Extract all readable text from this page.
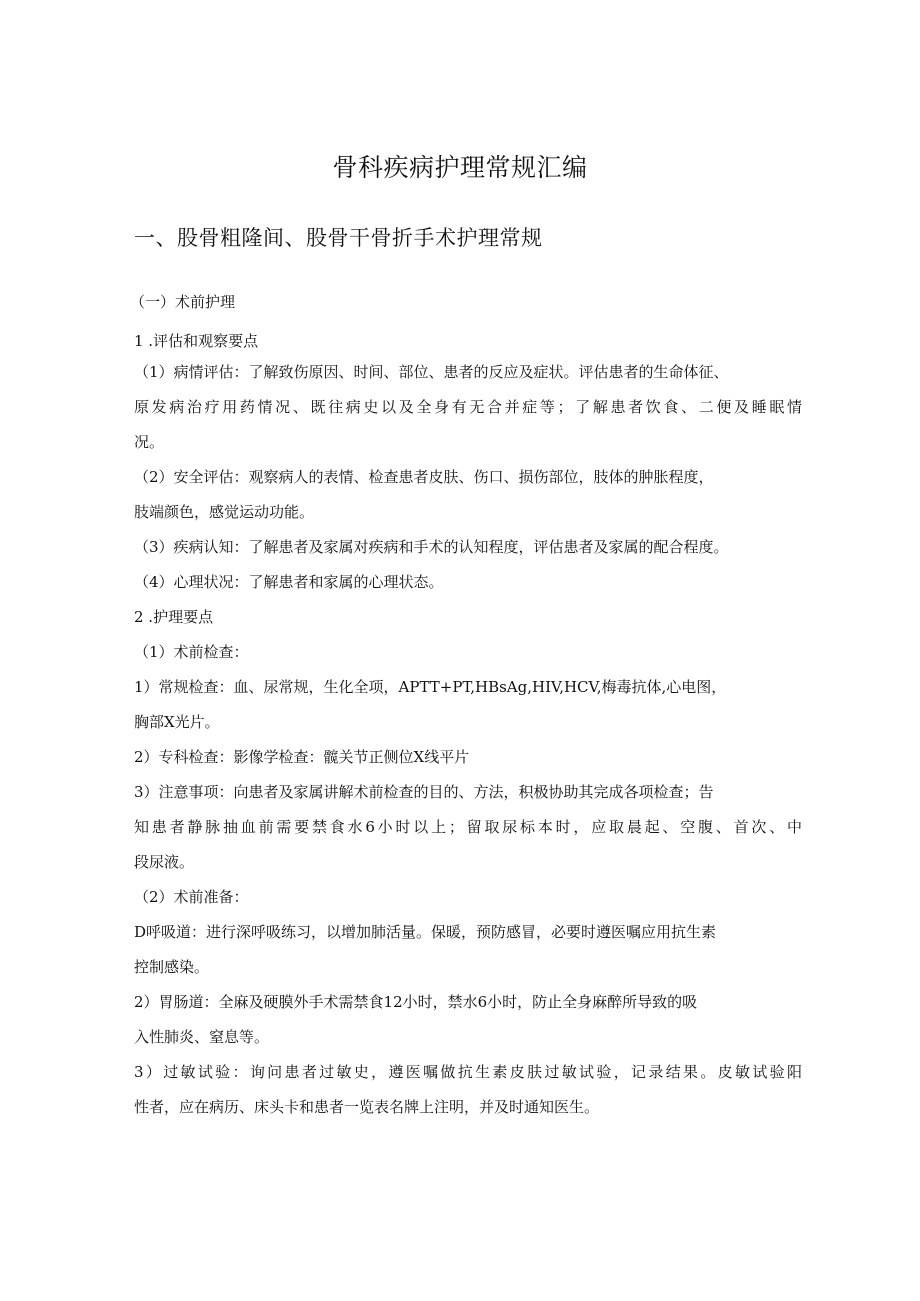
骨科疾病护理常规汇编
一、股骨粗隆间、股骨干骨折手术护理常规
（一）术前护理
1 .评估和观察要点
（1）病情评估：了解致伤原因、时间、部位、患者的反应及症状。评估患者的生命体征、
原发病治疗用药情况、既往病史以及全身有无合并症等；了解患者饮食、二便及睡眠情
况。
（2）安全评估：观察病人的表情、检查患者皮肤、伤口、损伤部位，肢体的肿胀程度，
肢端颜色，感觉运动功能。
（3）疾病认知：了解患者及家属对疾病和手术的认知程度，评估患者及家属的配合程度。
（4）心理状况：了解患者和家属的心理状态。
2 .护理要点
（1）术前检查：
1）常规检查：血、尿常规，生化全项，APTT+PT,HBsAg,HIV,HCV,梅毒抗体,心电图，
胸部X光片。
2）专科检查：影像学检查：髋关节正侧位X线平片
3）注意事项：向患者及家属讲解术前检查的目的、方法，积极协助其完成各项检查；告
知患者静脉抽血前需要禁食水6小时以上；留取尿标本时，应取晨起、空腹、首次、中
段尿液。
（2）术前准备：
D呼吸道：进行深呼吸练习，以增加肺活量。保暖，预防感冒，必要时遵医嘱应用抗生素
控制感染。
2）胃肠道：全麻及硬膜外手术需禁食12小时，禁水6小时，防止全身麻醉所导致的吸
入性肺炎、窒息等。
3）过敏试验：询问患者过敏史，遵医嘱做抗生素皮肤过敏试验，记录结果。皮敏试验阳
性者，应在病历、床头卡和患者一览表名牌上注明，并及时通知医生。
